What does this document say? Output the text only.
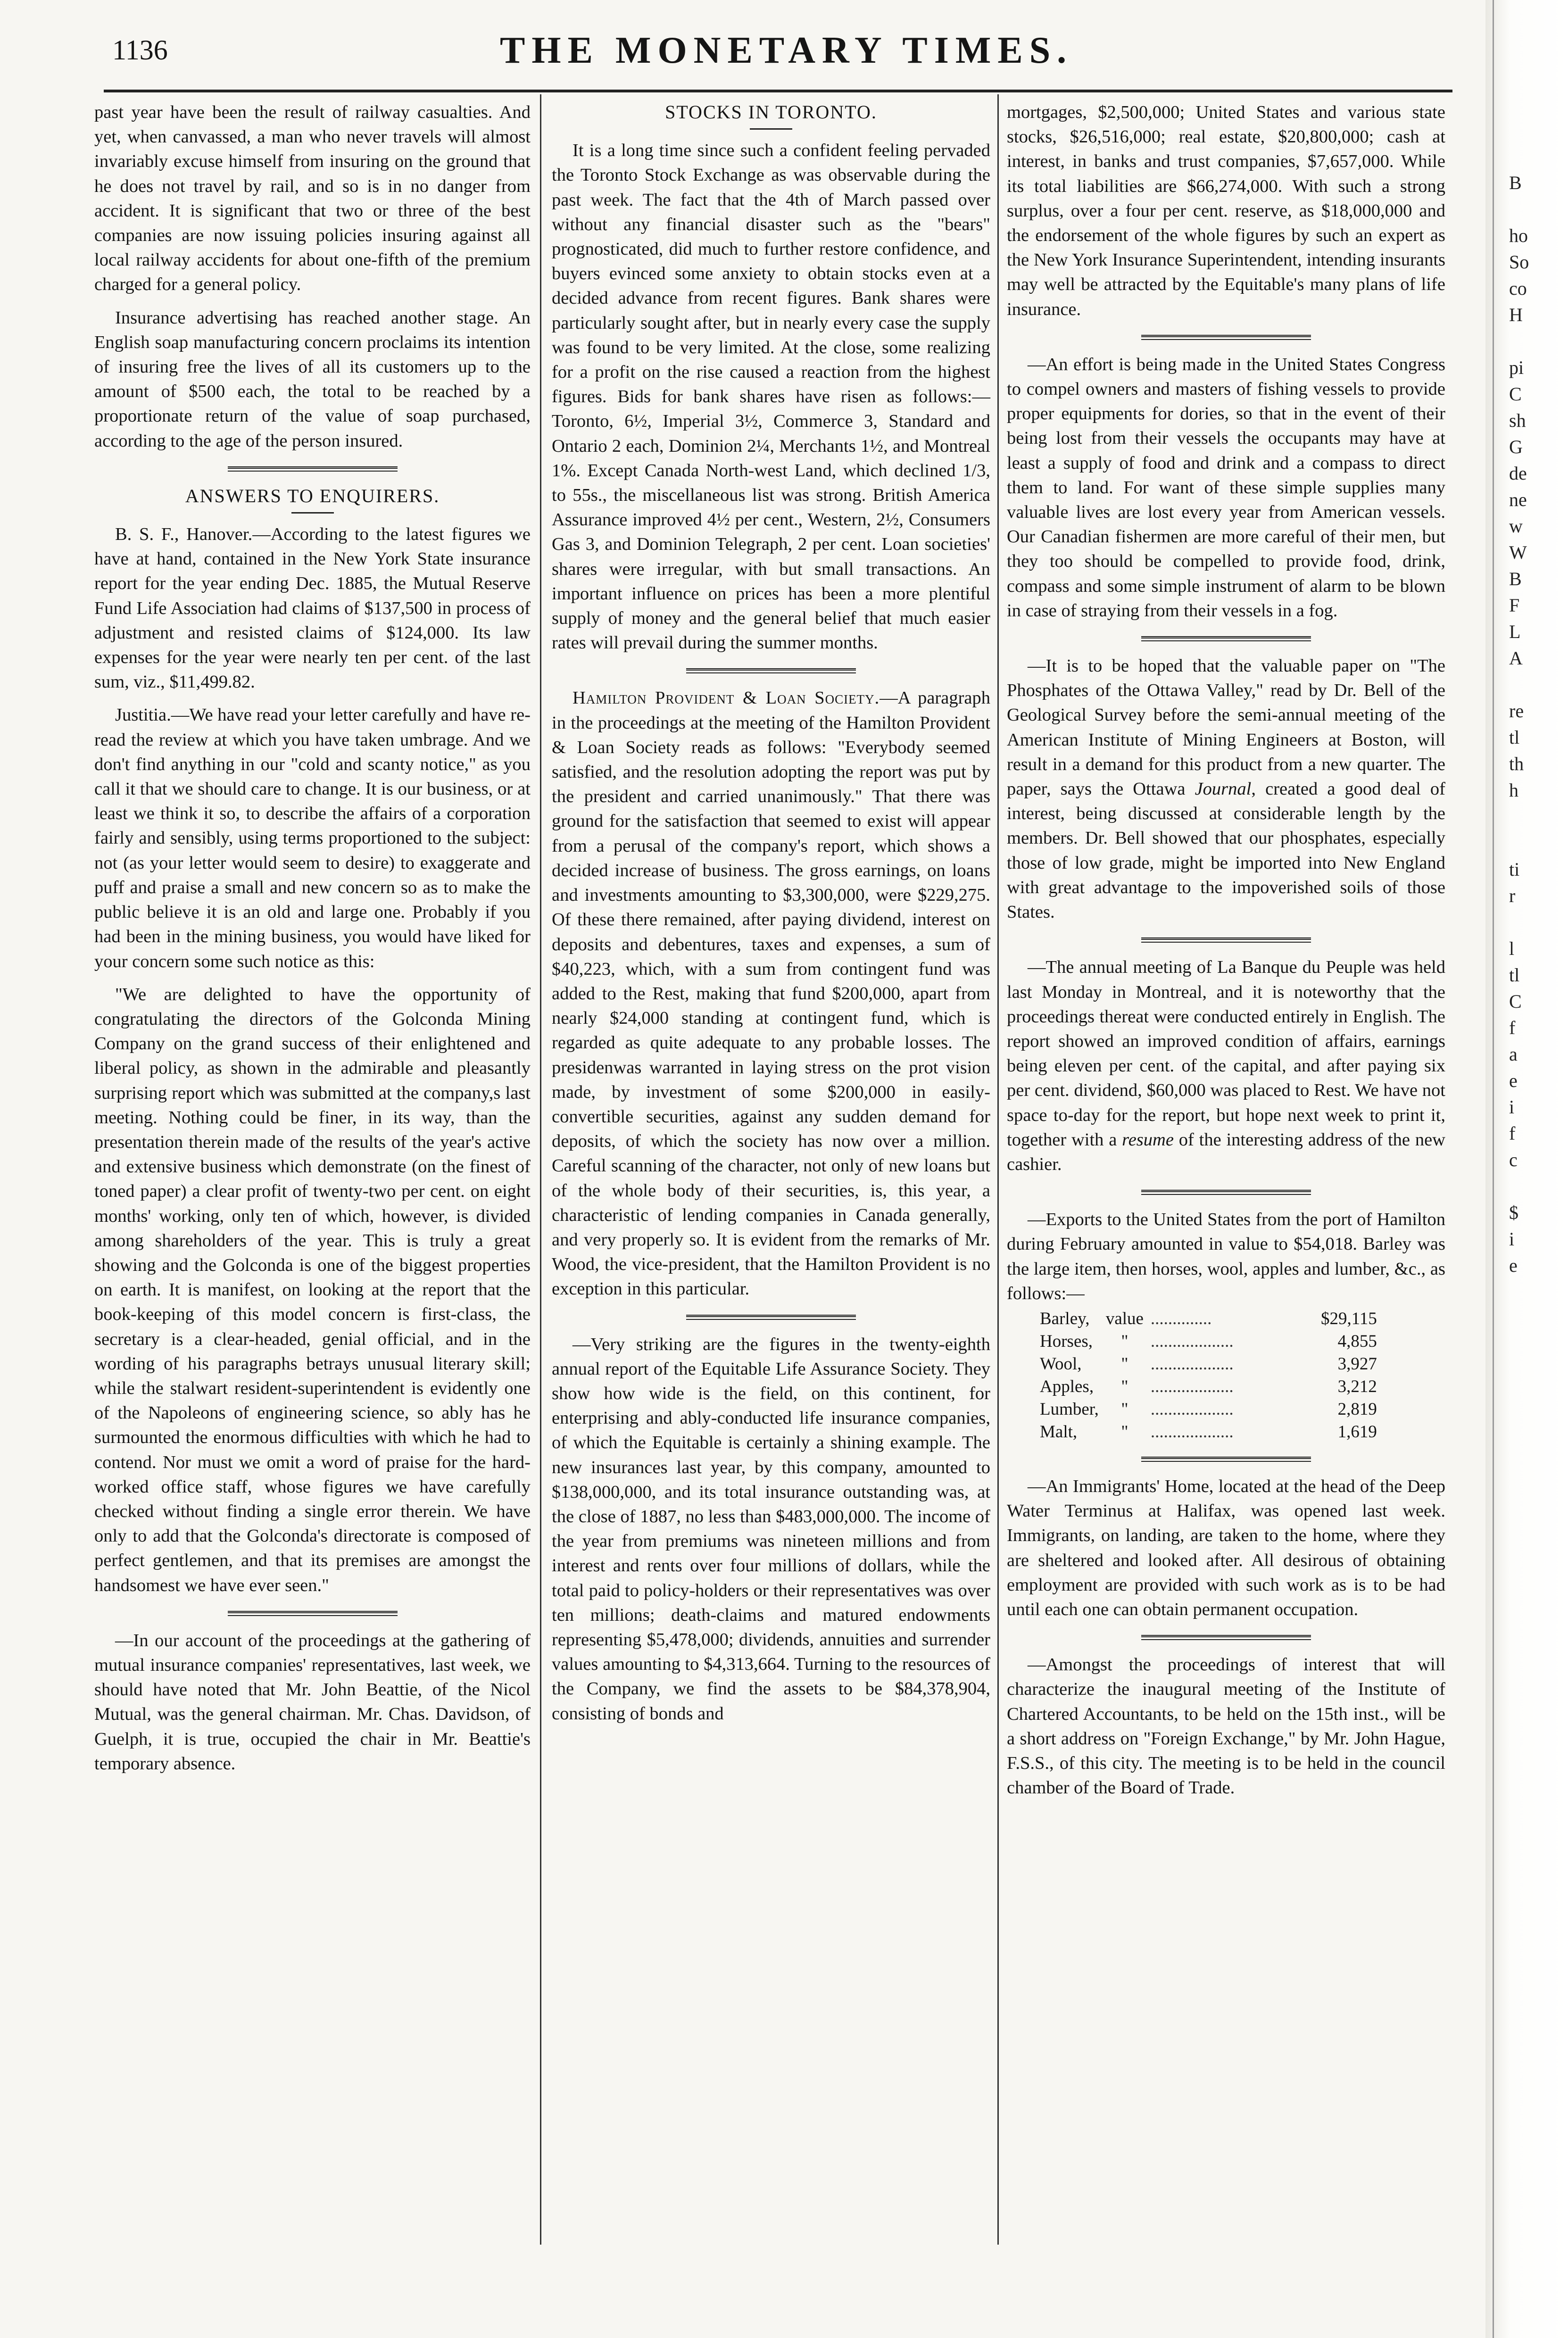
1136	THE MONETARY TIMES.

past year have been the result of railway casualties. And yet, when canvassed, a man who never travels will almost invariably excuse himself from insuring on the ground that he does not travel by rail, and so is in no danger from accident. It is significant that two or three of the best companies are now issuing policies insuring against all local railway accidents for about one-fifth of the premium charged for a general policy.

Insurance advertising has reached another stage. An English soap manufacturing concern proclaims its intention of insuring free the lives of all its customers up to the amount of $500 each, the total to be reached by a proportionate return of the value of soap purchased, according to the age of the person insured.

ANSWERS TO ENQUIRERS.

B. S. F., Hanover.—According to the latest figures we have at hand, contained in the New York State insurance report for the year ending Dec. 1885, the Mutual Reserve Fund Life Association had claims of $137,500 in process of adjustment and resisted claims of $124,000. Its law expenses for the year were nearly ten per cent. of the last sum, viz., $11,499.82.

Justitia.—We have read your letter carefully and have re-read the review at which you have taken umbrage. And we don't find anything in our "cold and scanty notice," as you call it that we should care to change. It is our business, or at least we think it so, to describe the affairs of a corporation fairly and sensibly, using terms proportioned to the subject: not (as your letter would seem to desire) to exaggerate and puff and praise a small and new concern so as to make the public believe it is an old and large one. Probably if you had been in the mining business, you would have liked for your concern some such notice as this:

"We are delighted to have the opportunity of congratulating the directors of the Golconda Mining Company on the grand success of their enlightened and liberal policy, as shown in the admirable and pleasantly surprising report which was submitted at the company,s last meeting. Nothing could be finer, in its way, than the presentation therein made of the results of the year's active and extensive business which demonstrate (on the finest of toned paper) a clear profit of twenty-two per cent. on eight months' working, only ten of which, however, is divided among shareholders of the year. This is truly a great showing and the Golconda is one of the biggest properties on earth. It is manifest, on looking at the report that the book-keeping of this model concern is first-class, the secretary is a clear-headed, genial official, and in the wording of his paragraphs betrays unusual literary skill; while the stalwart resident-superintendent is evidently one of the Napoleons of engineering science, so ably has he surmounted the enormous difficulties with which he had to contend. Nor must we omit a word of praise for the hard-worked office staff, whose figures we have carefully checked without finding a single error therein. We have only to add that the Golconda's directorate is composed of perfect gentlemen, and that its premises are amongst the handsomest we have ever seen."

—In our account of the proceedings at the gathering of mutual insurance companies' representatives, last week, we should have noted that Mr. John Beattie, of the Nicol Mutual, was the general chairman. Mr. Chas. Davidson, of Guelph, it is true, occupied the chair in Mr. Beattie's temporary absence.

STOCKS IN TORONTO.

It is a long time since such a confident feeling pervaded the Toronto Stock Exchange as was observable during the past week. The fact that the 4th of March passed over without any financial disaster such as the "bears" prognosticated, did much to further restore confidence, and buyers evinced some anxiety to obtain stocks even at a decided advance from recent figures. Bank shares were particularly sought after, but in nearly every case the supply was found to be very limited. At the close, some realizing for a profit on the rise caused a reaction from the highest figures. Bids for bank shares have risen as follows:—Toronto, 6½, Imperial 3½, Commerce 3, Standard and Ontario 2 each, Dominion 2¼, Merchants 1½, and Montreal 1%. Except Canada North-west Land, which declined 1/3, to 55s., the miscellaneous list was strong. British America Assurance improved 4½ per cent., Western, 2½, Consumers Gas 3, and Dominion Telegraph, 2 per cent. Loan societies' shares were irregular, with but small transactions. An important influence on prices has been a more plentiful supply of money and the general belief that much easier rates will prevail during the summer months.

Hamilton Provident & Loan Society.—A paragraph in the proceedings at the meeting of the Hamilton Provident & Loan Society reads as follows: "Everybody seemed satisfied, and the resolution adopting the report was put by the president and carried unanimously." That there was ground for the satisfaction that seemed to exist will appear from a perusal of the company's report, which shows a decided increase of business. The gross earnings, on loans and investments amounting to $3,300,000, were $229,275. Of these there remained, after paying dividend, interest on deposits and debentures, taxes and expenses, a sum of $40,223, which, with a sum from contingent fund was added to the Rest, making that fund $200,000, apart from nearly $24,000 standing at contingent fund, which is regarded as quite adequate to any probable losses. The presidenwas warranted in laying stress on the prot vision made, by investment of some $200,000 in easily-convertible securities, against any sudden demand for deposits, of which the society has now over a million. Careful scanning of the character, not only of new loans but of the whole body of their securities, is, this year, a characteristic of lending companies in Canada generally, and very properly so. It is evident from the remarks of Mr. Wood, the vice-president, that the Hamilton Provident is no exception in this particular.

—Very striking are the figures in the twenty-eighth annual report of the Equitable Life Assurance Society. They show how wide is the field, on this continent, for enterprising and ably-conducted life insurance companies, of which the Equitable is certainly a shining example. The new insurances last year, by this company, amounted to $138,000,000, and its total insurance outstanding was, at the close of 1887, no less than $483,000,000. The income of the year from premiums was nineteen millions and from interest and rents over four millions of dollars, while the total paid to policy-holders or their representatives was over ten millions; death-claims and matured endowments representing $5,478,000; dividends, annuities and surrender values amounting to $4,313,664. Turning to the resources of the Company, we find the assets to be $84,378,904, consisting of bonds and

mortgages, $2,500,000; United States and various state stocks, $26,516,000; real estate, $20,800,000; cash at interest, in banks and trust companies, $7,657,000. While its total liabilities are $66,274,000. With such a strong surplus, over a four per cent. reserve, as $18,000,000 and the endorsement of the whole figures by such an expert as the New York Insurance Superintendent, intending insurants may well be attracted by the Equitable's many plans of life insurance.

—An effort is being made in the United States Congress to compel owners and masters of fishing vessels to provide proper equipments for dories, so that in the event of their being lost from their vessels the occupants may have at least a supply of food and drink and a compass to direct them to land. For want of these simple supplies many valuable lives are lost every year from American vessels. Our Canadian fishermen are more careful of their men, but they too should be compelled to provide food, drink, compass and some simple instrument of alarm to be blown in case of straying from their vessels in a fog.

—It is to be hoped that the valuable paper on "The Phosphates of the Ottawa Valley," read by Dr. Bell of the Geological Survey before the semi-annual meeting of the American Institute of Mining Engineers at Boston, will result in a demand for this product from a new quarter. The paper, says the Ottawa Journal, created a good deal of interest, being discussed at considerable length by the members. Dr. Bell showed that our phosphates, especially those of low grade, might be imported into New England with great advantage to the impoverished soils of those States.

—The annual meeting of La Banque du Peuple was held last Monday in Montreal, and it is noteworthy that the proceedings thereat were conducted entirely in English. The report showed an improved condition of affairs, earnings being eleven per cent. of the capital, and after paying six per cent. dividend, $60,000 was placed to Rest. We have not space to-day for the report, but hope next week to print it, together with a resume of the interesting address of the new cashier.

—Exports to the United States from the port of Hamilton during February amounted in value to $54,018. Barley was the large item, then horses, wool, apples and lumber, &c., as follows:—

Barley,	value	..............	$29,115
Horses,	"	...................	4,855
Wool,	"	...................	3,927
Apples,	"	...................	3,212
Lumber,	"	...................	2,819
Malt,	"	...................	1,619

—An Immigrants' Home, located at the head of the Deep Water Terminus at Halifax, was opened last week. Immigrants, on landing, are taken to the home, where they are sheltered and looked after. All desirous of obtaining employment are provided with such work as is to be had until each one can obtain permanent occupation.

—Amongst the proceedings of interest that will characterize the inaugural meeting of the Institute of Chartered Accountants, to be held on the 15th inst., will be a short address on "Foreign Exchange," by Mr. John Hague, F.S.S., of this city. The meeting is to be held in the council chamber of the Board of Trade.

B

ho
So
co
H

pi
C
sh
G
de
ne
w
W
B
F
L
A

re
tl
th
h

ti
r

l
tl
C
f
a
e
i
f
c

$
i
e
